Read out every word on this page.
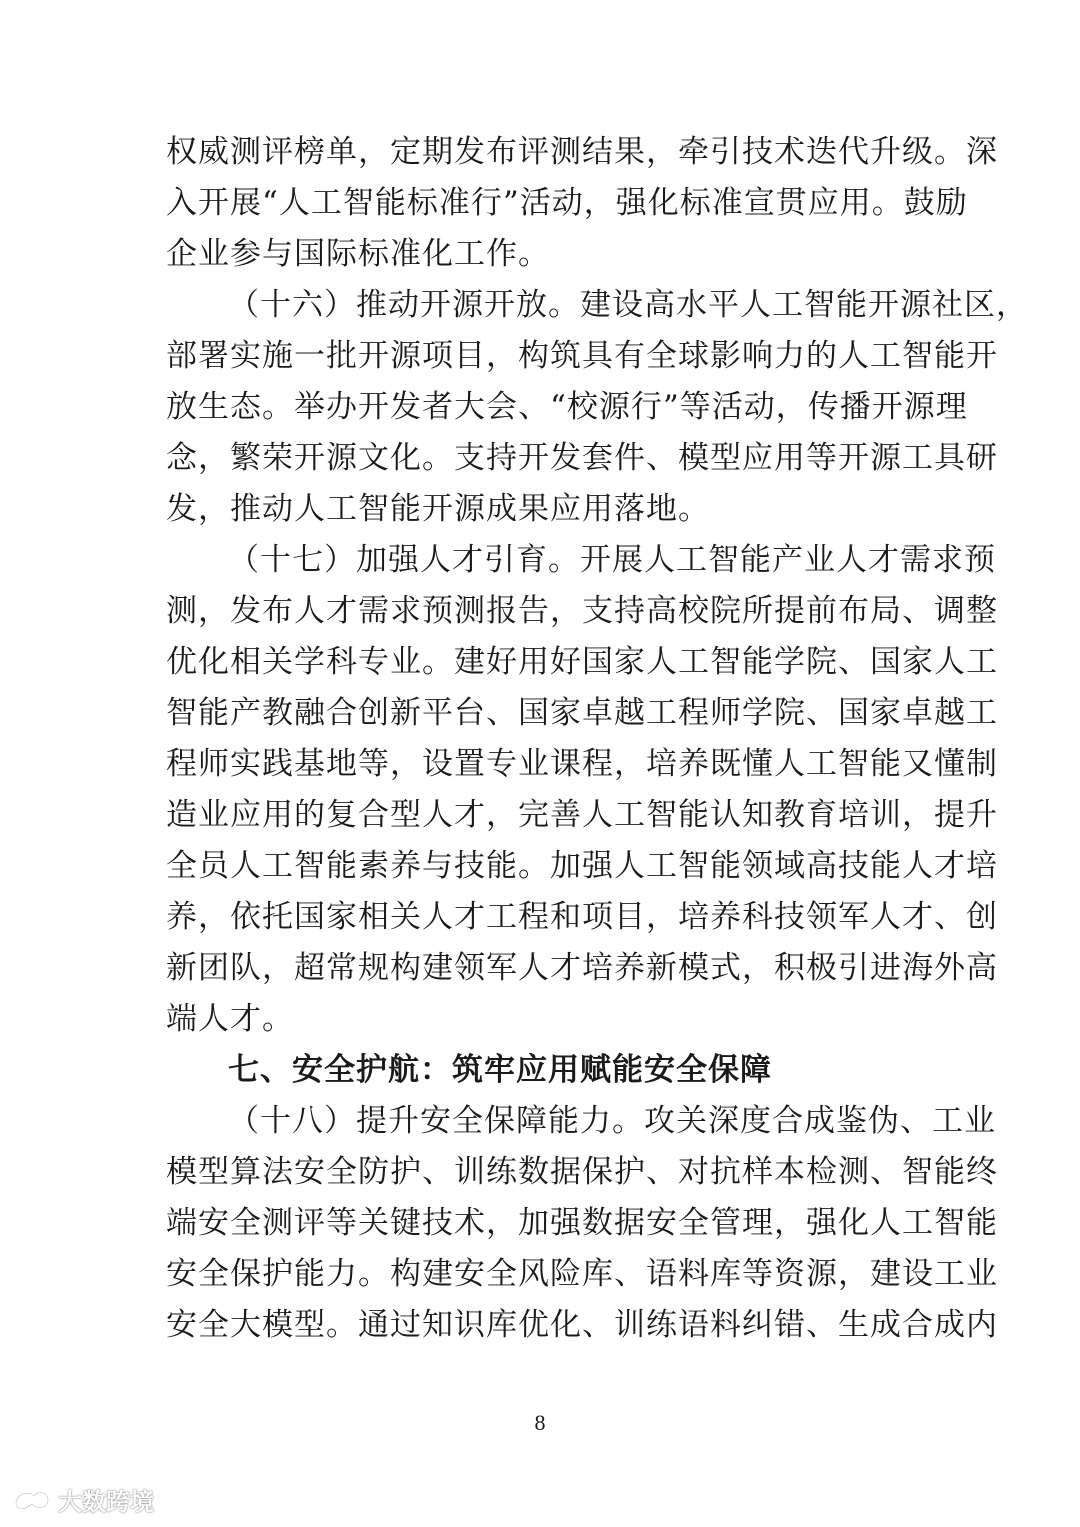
权威测评榜单，定期发布评测结果，牵引技术迭代升级。深
入开展“人工智能标准行”活动，强化标准宣贯应用。鼓励
企业参与国际标准化工作。
（十六）推动开源开放。建设高水平人工智能开源社区，
部署实施一批开源项目，构筑具有全球影响力的人工智能开
放生态。举办开发者大会、“校源行”等活动，传播开源理
念，繁荣开源文化。支持开发套件、模型应用等开源工具研
发，推动人工智能开源成果应用落地。
（十七）加强人才引育。开展人工智能产业人才需求预
测，发布人才需求预测报告，支持高校院所提前布局、调整
优化相关学科专业。建好用好国家人工智能学院、国家人工
智能产教融合创新平台、国家卓越工程师学院、国家卓越工
程师实践基地等，设置专业课程，培养既懂人工智能又懂制
造业应用的复合型人才，完善人工智能认知教育培训，提升
全员人工智能素养与技能。加强人工智能领域高技能人才培
养，依托国家相关人才工程和项目，培养科技领军人才、创
新团队，超常规构建领军人才培养新模式，积极引进海外高
端人才。
七、安全护航：筑牢应用赋能安全保障
（十八）提升安全保障能力。攻关深度合成鉴伪、工业
模型算法安全防护、训练数据保护、对抗样本检测、智能终
端安全测评等关键技术，加强数据安全管理，强化人工智能
安全保护能力。构建安全风险库、语料库等资源，建设工业
安全大模型。通过知识库优化、训练语料纠错、生成合成内
8
大数跨境
